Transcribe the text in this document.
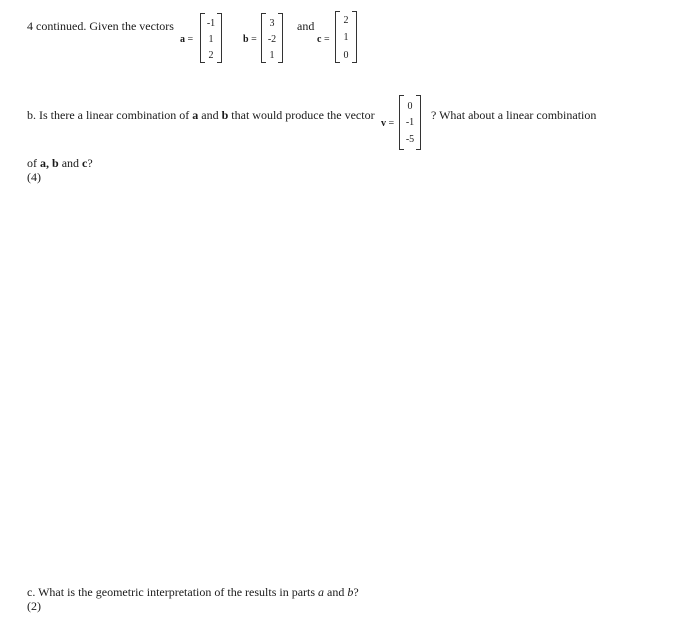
4 continued. Given the vectors
a =
-1
1
2
b =
3
-2
1
and
c =
2
1
0
b. Is there a linear combination of a and b that would produce the vector
v =
0
-1
-5
? What about a linear combination
of a, b and c?
(4)
c. What is the geometric interpretation of the results in parts a and b?
(2)
